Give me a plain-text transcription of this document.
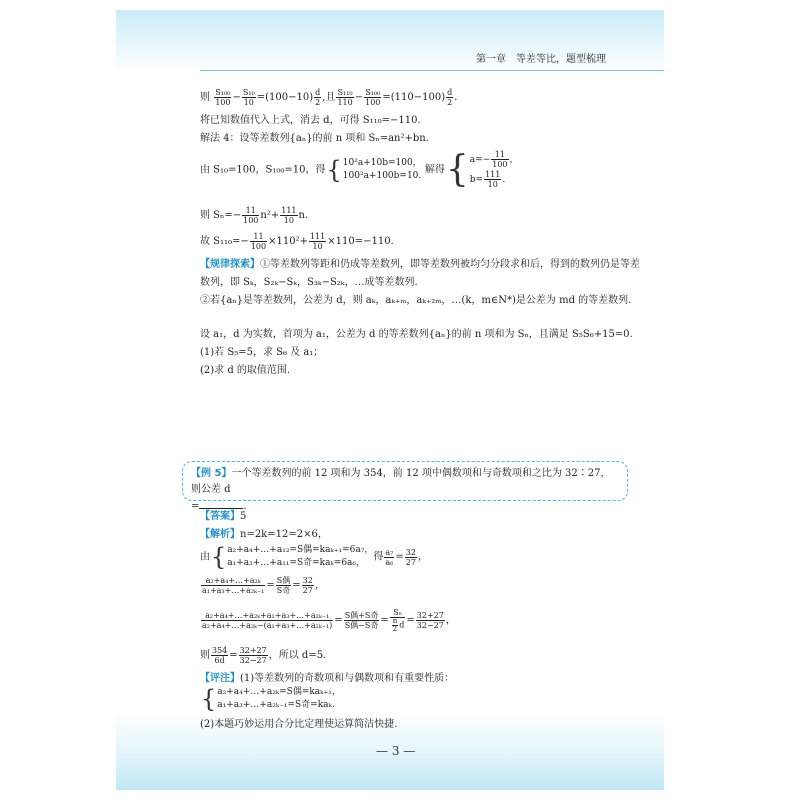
第一章　等差等比，题型梳理
则 $\frac{\text{S₁₀₀}}{100} - \frac{\text{S₁₀}}{10} =(100-10) \frac{d}{2}$ ,且 $\frac{\text{S₁₁₀}}{110} - \frac{\text{S₁₀₀}}{100} =(110-100) \frac{d}{2}$ .
将已知数值代入上式，消去 d，可得 S₁₁₀=−110.
解法 4：设等差数列{aₙ}的前 n 项和 Sₙ=an²+bn.
由 S₁₀=100，S₁₀₀=10，得{ 10²a+10b=100，
100²a+100b=10.
解得{ $a=- \frac{11}{100}$ ，
$b= \frac{111}{10}$ .
则 $S_n=- \frac{11}{100} n^2+ \frac{111}{10} n$.
故 $S_{110}=- \frac{11}{100} \times 110^2+ \frac{111}{10} \times 110=-110$.
【规律探索】①等差数列等距和仍成等差数列，即等差数列被均匀分段求和后，得到的数列仍是等差
数列，即 Sₖ，S₂ₖ−Sₖ，S₃ₖ−S₂ₖ，…成等差数列.
②若{aₙ}是等差数列，公差为 d，则 aₖ，aₖ₊ₘ，aₖ₊₂ₘ，…(k，m∈N*)是公差为 md 的等差数列.
设 a₁，d 为实数，首项为 a₁，公差为 d 的等差数列{aₙ}的前 n 项和为 Sₙ，且满足 S₅S₆+15=0.
(1)若 S₅=5，求 S₆ 及 a₁；
(2)求 d 的取值范围.
【例 5】一个等差数列的前 12 项和为 354，前 12 项中偶数项和与奇数项和之比为 32∶27，则公差 d
=	.
【答案】5
【解析】n=2k=12=2×6，
由{ a₂+a₄+…+a₁₂=S偶=kaₖ₊₁=6a₇，
a₁+a₃+…+a₁₁=S奇=kaₖ=6a₆，
得 $\frac{\text{a₇}}{\text{a₆}} = \frac{32}{27}$ ，
$\frac{\text{a₂+a₄+…+a₂ₖ}}{\text{a₁+a₃+…+a₂ₖ₋₁}} = \frac{\text{S偶}}{\text{S奇}} = \frac{32}{27}$ ，
$\frac{\text{a₂+a₄+…+a₂ₖ+a₁+a₃+…+a₂ₖ₋₁}}{\text{a₂+a₄+…+a₂ₖ−(a₁+a₃+…+a₂ₖ₋₁)}} = \frac{\text{S偶+S奇}}{\text{S偶−S奇}} = \frac{\text{Sₙ}}{\frac{n}{2} d} = \frac{32+27}{32-27}$ ，
则 $\frac{354}{6d} = \frac{32+27}{32-27}$ ，所以 d=5.
【评注】(1)等差数列的奇数项和与偶数项和有重要性质：
{ a₂+a₄+…+a₂ₖ=S偶=kaₖ₊₁，
a₁+a₃+…+a₂ₖ₋₁=S奇=kaₖ.
(2)本题巧妙运用合分比定理使运算简洁快捷.
— 3 —
